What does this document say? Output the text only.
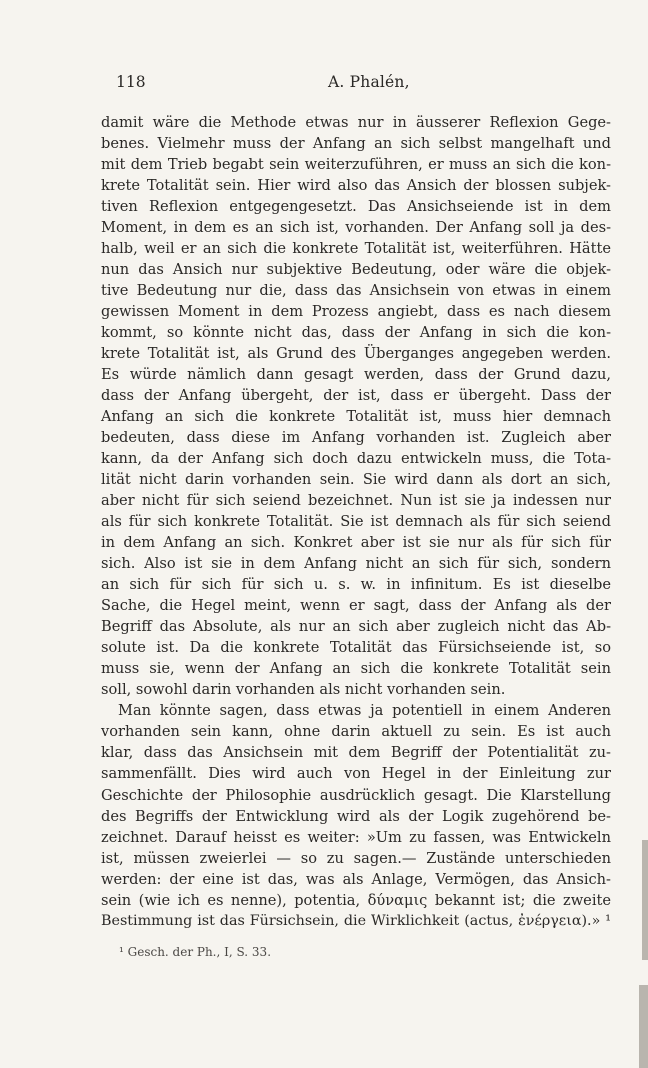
118	A. Phalén,
damit wäre die Methode etwas nur in äusserer Reflexion Gege-
benes. Vielmehr muss der Anfang an sich selbst mangelhaft und
mit dem Trieb begabt sein weiterzuführen, er muss an sich die kon-
krete Totalität sein. Hier wird also das Ansich der blossen subjek-
tiven Reflexion entgegengesetzt. Das Ansichseiende ist in dem
Moment, in dem es an sich ist, vorhanden. Der Anfang soll ja des-
halb, weil er an sich die konkrete Totalität ist, weiterführen. Hätte
nun das Ansich nur subjektive Bedeutung, oder wäre die objek-
tive Bedeutung nur die, dass das Ansichsein von etwas in einem
gewissen Moment in dem Prozess angiebt, dass es nach diesem
kommt, so könnte nicht das, dass der Anfang in sich die kon-
krete Totalität ist, als Grund des Überganges angegeben werden.
Es würde nämlich dann gesagt werden, dass der Grund dazu,
dass der Anfang übergeht, der ist, dass er übergeht. Dass der
Anfang an sich die konkrete Totalität ist, muss hier demnach
bedeuten, dass diese im Anfang vorhanden ist. Zugleich aber
kann, da der Anfang sich doch dazu entwickeln muss, die Tota-
lität nicht darin vorhanden sein. Sie wird dann als dort an sich,
aber nicht für sich seiend bezeichnet. Nun ist sie ja indessen nur
als für sich konkrete Totalität. Sie ist demnach als für sich seiend
in dem Anfang an sich. Konkret aber ist sie nur als für sich für
sich. Also ist sie in dem Anfang nicht an sich für sich, sondern
an sich für sich für sich u. s. w. in infinitum. Es ist dieselbe
Sache, die Hegel meint, wenn er sagt, dass der Anfang als der
Begriff das Absolute, als nur an sich aber zugleich nicht das Ab-
solute ist. Da die konkrete Totalität das Fürsichseiende ist, so
muss sie, wenn der Anfang an sich die konkrete Totalität sein
soll, sowohl darin vorhanden als nicht vorhanden sein.
Man könnte sagen, dass etwas ja potentiell in einem Anderen
vorhanden sein kann, ohne darin aktuell zu sein. Es ist auch
klar, dass das Ansichsein mit dem Begriff der Potentialität zu-
sammenfällt. Dies wird auch von Hegel in der Einleitung zur
Geschichte der Philosophie ausdrücklich gesagt. Die Klarstellung
des Begriffs der Entwicklung wird als der Logik zugehörend be-
zeichnet. Darauf heisst es weiter: »Um zu fassen, was Entwickeln
ist, müssen zweierlei — so zu sagen.— Zustände unterschieden
werden: der eine ist das, was als Anlage, Vermögen, das Ansich-
sein (wie ich es nenne), potentia, δύναμις bekannt ist; die zweite
Bestimmung ist das Fürsichsein, die Wirklichkeit (actus, ἐνέργεια).» ¹
¹ Gesch. der Ph., I, S. 33.
